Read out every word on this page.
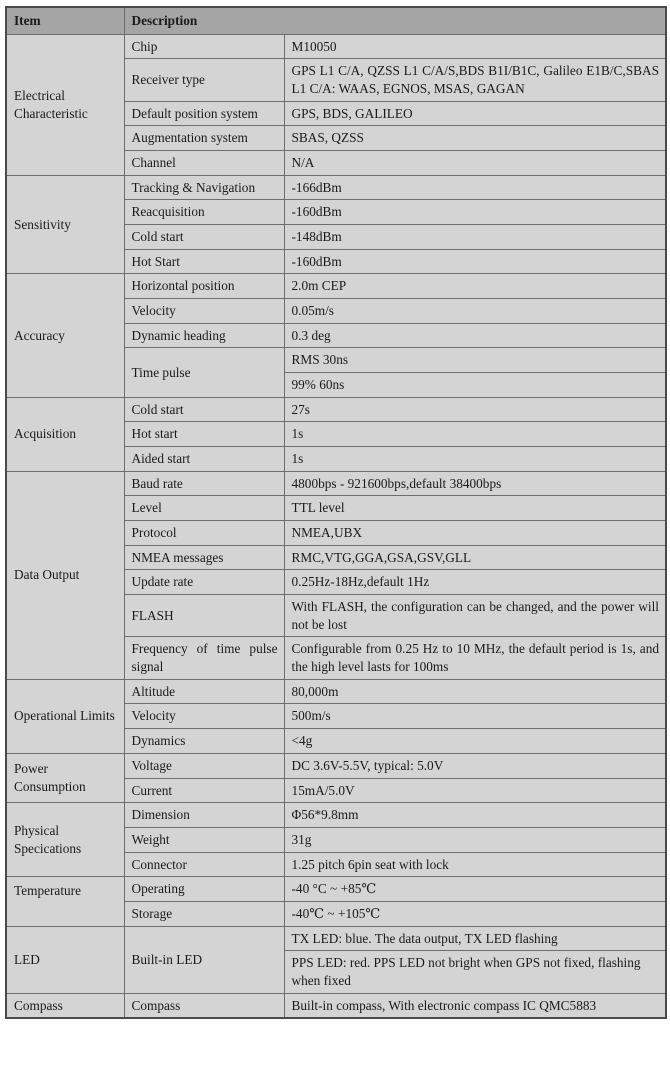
Item	Description	
Electrical Characteristic	Chip	M10050
	Receiver type	GPS L1 C/A, QZSS L1 C/A/S,BDS B1I/B1C, Galileo E1B/C,SBAS L1 C/A: WAAS, EGNOS, MSAS, GAGAN
	Default position system	GPS, BDS, GALILEO
	Augmentation system	SBAS, QZSS
	Channel	N/A
Sensitivity	Tracking & Navigation	-166dBm
	Reacquisition	-160dBm
	Cold start	-148dBm
	Hot Start	-160dBm
Accuracy	Horizontal position	2.0m CEP
	Velocity	0.05m/s
	Dynamic heading	0.3 deg
	Time pulse	RMS 30ns
		99% 60ns
Acquisition	Cold start	27s
	Hot start	1s
	Aided start	1s
Data Output	Baud rate	4800bps - 921600bps,default 38400bps
	Level	TTL level
	Protocol	NMEA,UBX
	NMEA messages	RMC,VTG,GGA,GSA,GSV,GLL
	Update rate	0.25Hz-18Hz,default 1Hz
	FLASH	With FLASH, the configuration can be changed, and the power will not be lost
	Frequency of time pulse signal	Configurable from 0.25 Hz to 10 MHz, the default period is 1s, and the high level lasts for 100ms
Operational Limits	Altitude	80,000m
	Velocity	500m/s
	Dynamics	<4g
Power Consumption	Voltage	DC 3.6V-5.5V, typical: 5.0V
	Current	15mA/5.0V
Physical Specications	Dimension	Φ56*9.8mm
	Weight	31g
	Connector	1.25 pitch 6pin seat with lock
Temperature	Operating	-40 °C ~ +85℃
	Storage	-40℃ ~ +105℃
LED	Built-in LED	TX LED: blue. The data output, TX LED flashing
		PPS LED: red. PPS LED not bright when GPS not fixed, flashing when fixed
Compass	Compass	Built-in compass, With electronic compass IC QMC5883
